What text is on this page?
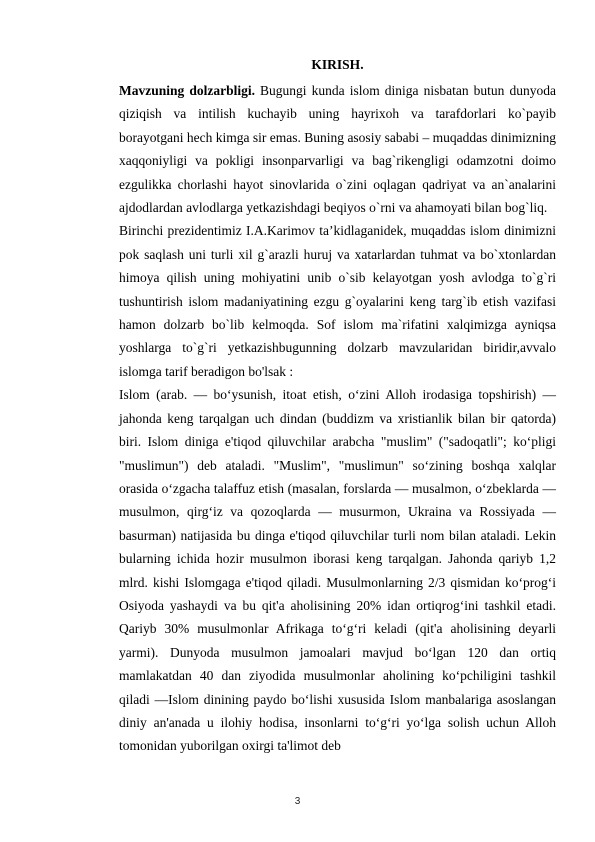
KIRISH.

Mavzuning dolzarbligi. Bugungi kunda islom diniga nisbatan butun dunyoda qiziqish va intilish kuchayib uning hayrixoh va tarafdorlari ko`payib borayotgani hech kimga sir emas. Buning asosiy sababi – muqaddas dinimizning xaqqoniyligi va pokligi insonparvarligi va bag`rikengligi odamzotni doimo ezgulikka chorlashi hayot sinovlarida o`zini oqlagan qadriyat va an`analarini ajdodlardan avlodlarga yetkazishdagi beqiyos o`rni va ahamoyati bilan bog`liq.

Birinchi prezidentimiz I.A.Karimov ta’kidlaganidek, muqaddas islom dinimizni pok saqlash uni turli xil g`arazli huruj va xatarlardan tuhmat va bo`xtonlardan himoya qilish uning mohiyatini unib o`sib kelayotgan yosh avlodga to`g`ri tushuntirish islom madaniyatining ezgu g`oyalarini keng targ`ib etish vazifasi hamon dolzarb bo`lib kelmoqda. Sof islom ma`rifatini xalqimizga ayniqsa yoshlarga to`g`ri yetkazishbugunning dolzarb mavzularidan biridir,avvalo islomga tarif beradigon bo'lsak :

Islom (arab. — bo‘ysunish, itoat etish, o‘zini Alloh irodasiga topshirish) — jahonda keng tarqalgan uch dindan (buddizm va xristianlik bilan bir qatorda) biri. Islom diniga e'tiqod qiluvchilar arabcha "muslim" ("sadoqatli"; ko‘pligi "muslimun") deb ataladi. "Muslim", "muslimun" so‘zining boshqa xalqlar orasida o‘zgacha talaffuz etish (masalan, forslarda — musalmon, o‘zbeklarda — musulmon, qirg‘iz va qozoqlarda — musurmon, Ukraina va Rossiyada — basurman) natijasida bu dinga e'tiqod qiluvchilar turli nom bilan ataladi. Lekin bularning ichida hozir musulmon iborasi keng tarqalgan. Jahonda qariyb 1,2 mlrd. kishi Islomgaga e'tiqod qiladi. Musulmonlarning 2/3 qismidan ko‘prog‘i Osiyoda yashaydi va bu qit'a aholisining 20% idan ortiqrog‘ini tashkil etadi. Qariyb 30% musulmonlar Afrikaga to‘g‘ri keladi (qit'a aholisining deyarli yarmi). Dunyoda musulmon jamoalari mavjud bo‘lgan 120 dan ortiq mamlakatdan 40 dan ziyodida musulmonlar aholining ko‘pchiligini tashkil qiladi —Islom dinining paydo bo‘lishi xususida Islom manbalariga asoslangan diniy an'anada u ilohiy hodisa, insonlarni to‘g‘ri yo‘lga solish uchun Alloh tomonidan yuborilgan oxirgi ta'limot deb

3
